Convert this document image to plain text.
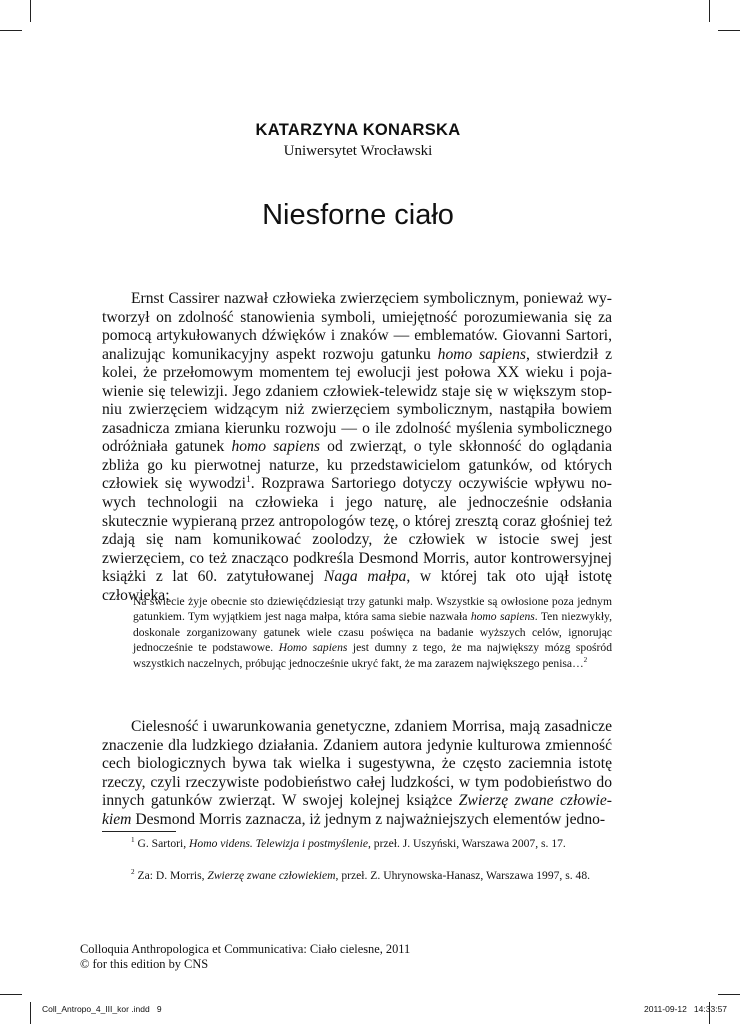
KATARZYNA KONARSKA
Uniwersytet Wrocławski
Niesforne ciało
Ernst Cassirer nazwał człowieka zwierzęciem symbolicznym, ponieważ wytworzył on zdolność stanowienia symboli, umiejętność porozumiewania się za pomocą artykułowanych dźwięków i znaków — emblematów. Giovanni Sartori, analizując komunikacyjny aspekt rozwoju gatunku homo sapiens, stwierdził z kolei, że przełomowym momentem tej ewolucji jest połowa XX wieku i pojawienie się telewizji. Jego zdaniem człowiek-telewidz staje się w większym stopniu zwierzęciem widzącym niż zwierzęciem symbolicznym, nastąpiła bowiem zasadnicza zmiana kierunku rozwoju — o ile zdolność myślenia symbolicznego odróżniała gatunek homo sapiens od zwierząt, o tyle skłonność do oglądania zbliża go ku pierwotnej naturze, ku przedstawicielom gatunków, od których człowiek się wywodzi$^1$. Rozprawa Sartoriego dotyczy oczywiście wpływu nowych technologii na człowieka i jego naturę, ale jednocześnie odsłania skutecznie wypieraną przez antropologów tezę, o której zresztą coraz głośniej też zdają się nam komunikować zoolodzy, że człowiek w istocie swej jest zwierzęciem, co też znacząco podkreśla Desmond Morris, autor kontrowersyjnej książki z lat 60. zatytułowanej Naga małpa, w której tak oto ujął istotę człowieka:
Na świecie żyje obecnie sto dziewięćdziesiąt trzy gatunki małp. Wszystkie są owłosione poza jednym gatunkiem. Tym wyjątkiem jest naga małpa, która sama siebie nazwała homo sapiens. Ten niezwykły, doskonale zorganizowany gatunek wiele czasu poświęca na badanie wyższych celów, ignorując jednocześnie te podstawowe. Homo sapiens jest dumny z tego, że ma największy mózg spośród wszystkich naczelnych, próbując jednocześnie ukryć fakt, że ma zarazem największego penisa…$^2$
Cielesność i uwarunkowania genetyczne, zdaniem Morrisa, mają zasadnicze znaczenie dla ludzkiego działania. Zdaniem autora jedynie kulturowa zmienność cech biologicznych bywa tak wielka i sugestywna, że często zaciemnia istotę rzeczy, czyli rzeczywiste podobieństwo całej ludzkości, w tym podobieństwo do innych gatunków zwierząt. W swojej kolejnej książce Zwierzę zwane człowiekiem Desmond Morris zaznacza, iż jednym z najważniejszych elementów jedno-
$^1$ G. Sartori, Homo videns. Telewizja i postmyślenie, przeł. J. Uszyński, Warszawa 2007, s. 17.
$^2$ Za: D. Morris, Zwierzę zwane człowiekiem, przeł. Z. Uhrynowska-Hanasz, Warszawa 1997, s. 48.
Colloquia Anthropologica et Communicativa: Ciało cielesne, 2011
© for this edition by CNS
Coll_Antropo_4_III_kor .indd   9	2011-09-12   14:33:57
